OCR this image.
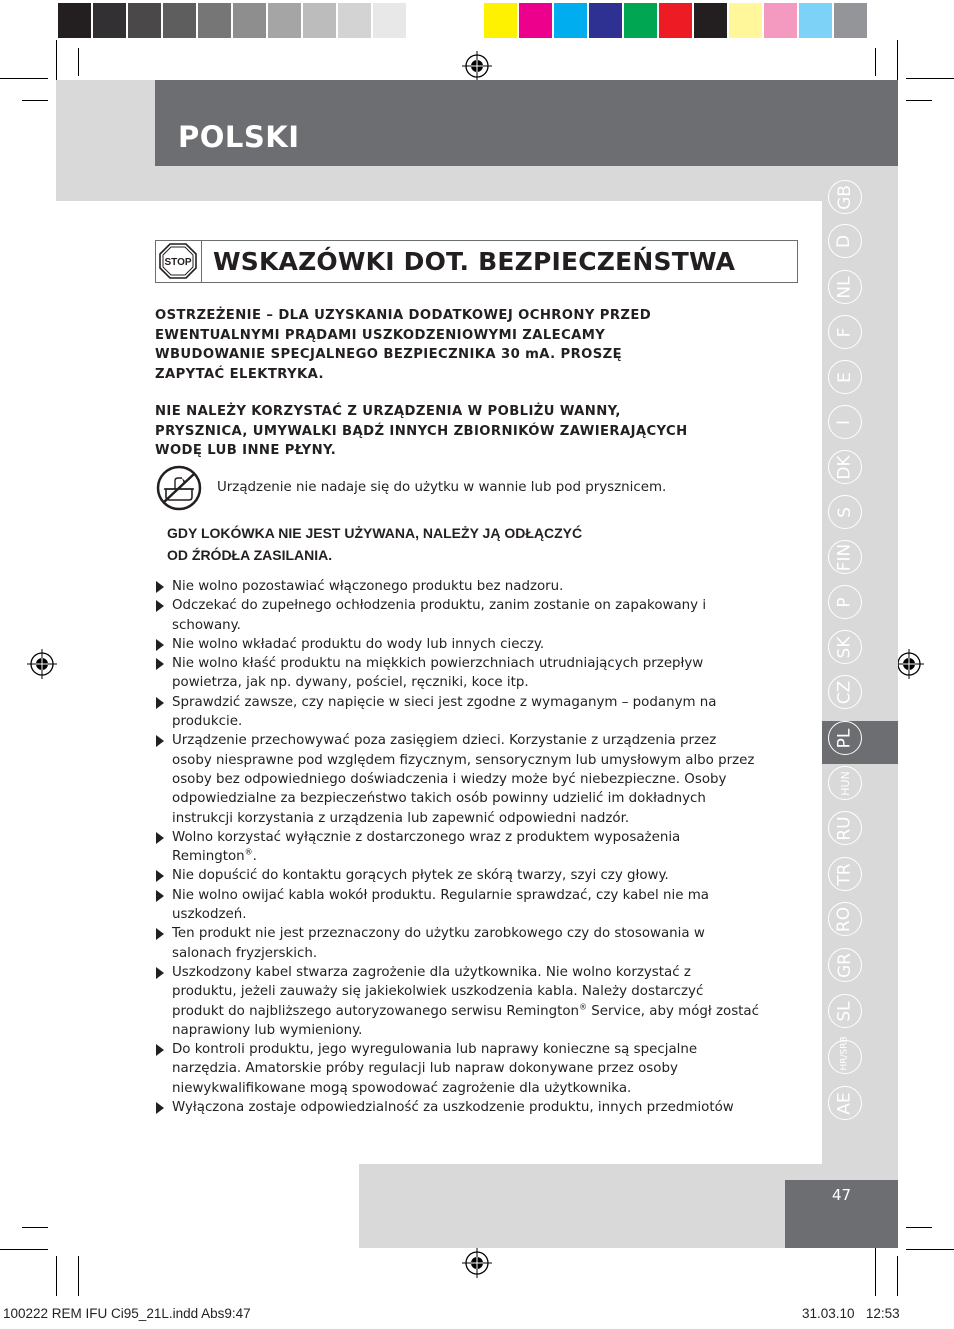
POLSKI
GB
D
NL
F
E
I
DK
S
FIN
P
SK
CZ
PL
HUN
RU
TR
RO
GR
SL
HR/SRB
AE
STOP WSKAZÓWKI DOT. BEZPIECZEŃSTWA
OSTRZEŻENIE – DLA UZYSKANIA DODATKOWEJ OCHRONY PRZED
EWENTUALNYMI PRĄDAMI USZKODZENIOWYMI ZALECAMY
WBUDOWANIE SPECJALNEGO BEZPIECZNIKA 30 mA. PROSZĘ
ZAPYTAĆ ELEKTRYKA.
NIE NALEŻY KORZYSTAĆ Z URZĄDZENIA W POBLIŻU WANNY,
PRYSZNICA, UMYWALKI BĄDŹ INNYCH ZBIORNIKÓW ZAWIERAJĄCYCH
WODĘ LUB INNE PŁYNY.
Urządzenie nie nadaje się do użytku w wannie lub pod prysznicem.
GDY LOKÓWKA NIE JEST UŻYWANA, NALEŻY JĄ ODŁĄCZYĆ
OD ŹRÓDŁA ZASILANIA.
Nie wolno pozostawiać włączonego produktu bez nadzoru.
Odczekać do zupełnego ochłodzenia produktu, zanim zostanie on zapakowany i
schowany.
Nie wolno wkładać produktu do wody lub innych cieczy.
Nie wolno kłaść produktu na miękkich powierzchniach utrudniających przepływ
powietrza, jak np. dywany, pościel, ręczniki, koce itp.
Sprawdzić zawsze, czy napięcie w sieci jest zgodne z wymaganym – podanym na
produkcie.
Urządzenie przechowywać poza zasięgiem dzieci. Korzystanie z urządzenia przez
osoby niesprawne pod względem fizycznym, sensorycznym lub umysłowym albo przez
osoby bez odpowiedniego doświadczenia i wiedzy może być niebezpieczne. Osoby
odpowiedzialne za bezpieczeństwo takich osób powinny udzielić im dokładnych
instrukcji korzystania z urządzenia lub zapewnić odpowiedni nadzór.
Wolno korzystać wyłącznie z dostarczonego wraz z produktem wyposażenia
Remington®.
Nie dopuścić do kontaktu gorących płytek ze skórą twarzy, szyi czy głowy.
Nie wolno owijać kabla wokół produktu. Regularnie sprawdzać, czy kabel nie ma
uszkodzeń.
Ten produkt nie jest przeznaczony do użytku zarobkowego czy do stosowania w
salonach fryzjerskich.
Uszkodzony kabel stwarza zagrożenie dla użytkownika. Nie wolno korzystać z
produktu, jeżeli zauważy się jakiekolwiek uszkodzenia kabla. Należy dostarczyć
produkt do najbliższego autoryzowanego serwisu Remington® Service, aby mógł zostać
naprawiony lub wymieniony.
Do kontroli produktu, jego wyregulowania lub naprawy konieczne są specjalne
narzędzia. Amatorskie próby regulacji lub napraw dokonywane przez osoby
niewykwalifikowane mogą spowodować zagrożenie dla użytkownika.
Wyłączona zostaje odpowiedzialność za uszkodzenie produktu, innych przedmiotów
47
100222 REM IFU Ci95_21L.indd Abs9:47	31.03.10 12:53
